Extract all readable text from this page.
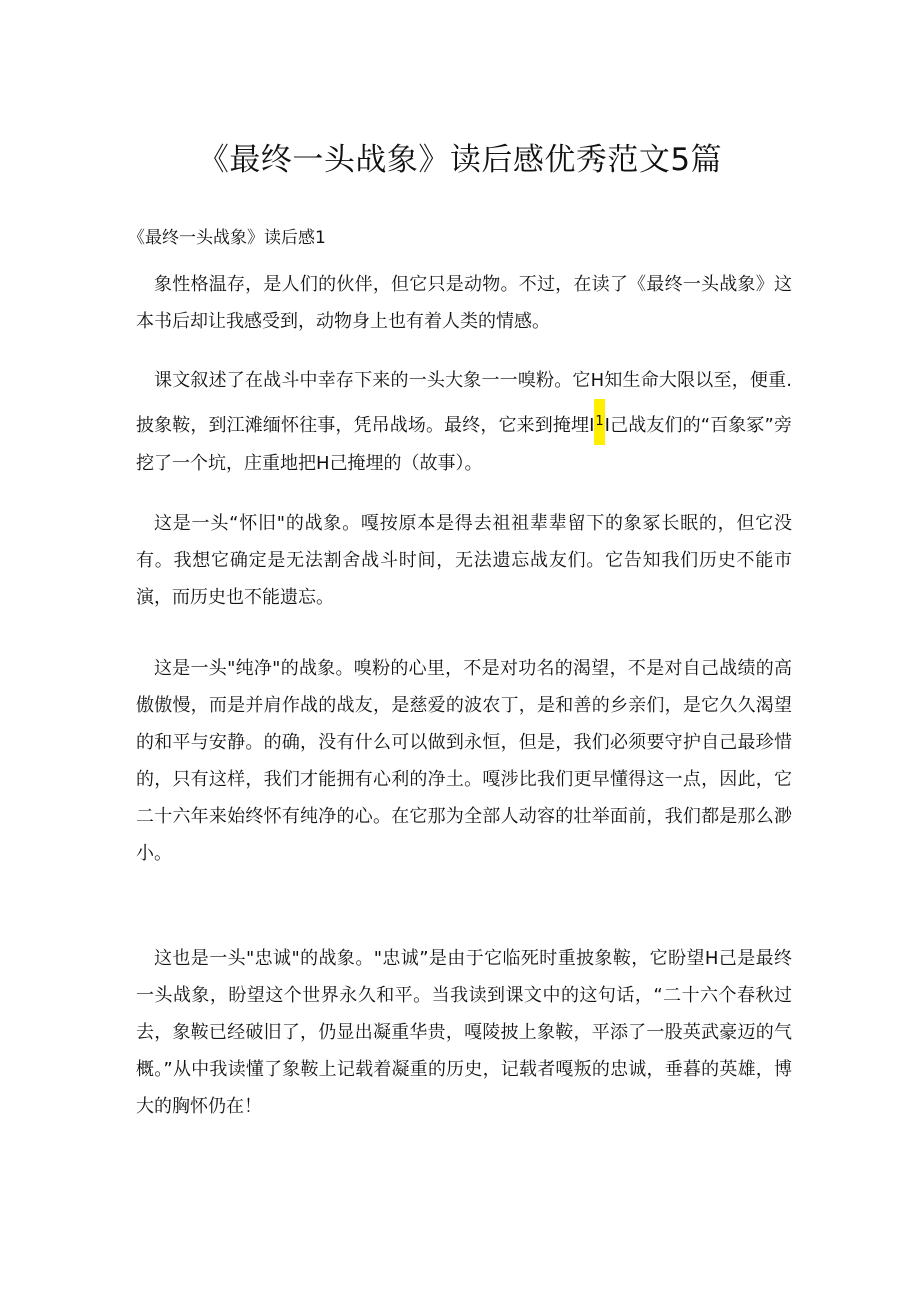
《最终一头战象》读后感优秀范文5篇
《最终一头战象》读后感1

象性格温存，是人们的伙伴，但它只是动物。不过，在读了《最终一头战象》这本书后却让我感受到，动物身上也有着人类的情感。

课文叙述了在战斗中幸存下来的一头大象一一嗅粉。它H知生命大限以至，便重.披象鞍，到江滩缅怀往事，凭吊战场。最终，它来到掩埋I1I己战友们的“百象冢”旁挖了一个坑，庄重地把H己掩埋的（故事）。

这是一头“怀旧"的战象。嘎按原本是得去祖祖辈辈留下的象冢长眠的，但它没有。我想它确定是无法割舍战斗时间，无法遗忘战友们。它告知我们历史不能市演，而历史也不能遗忘。

这是一头"纯净"的战象。嗅粉的心里，不是对功名的渴望，不是对自己战绩的高傲傲慢，而是并肩作战的战友，是慈爱的波农丁，是和善的乡亲们，是它久久渴望的和平与安静。的确，没有什么可以做到永恒，但是，我们必须要守护自己最珍惜的，只有这样，我们才能拥有心利的净土。嘎涉比我们更早懂得这一点，因此，它二十六年来始终怀有纯净的心。在它那为全部人动容的壮举面前，我们都是那么渺小。

这也是一头"忠诚"的战象。"忠诚”是由于它临死时重披象鞍，它盼望H己是最终一头战象，盼望这个世界永久和平。当我读到课文中的这句话，“二十六个春秋过去，象鞍已经破旧了，仍显出凝重华贵，嘎陵披上象鞍，平添了一股英武豪迈的气概。”从中我读懂了象鞍上记载着凝重的历史，记载者嘎叛的忠诚，垂暮的英雄，博大的胸怀仍在！
